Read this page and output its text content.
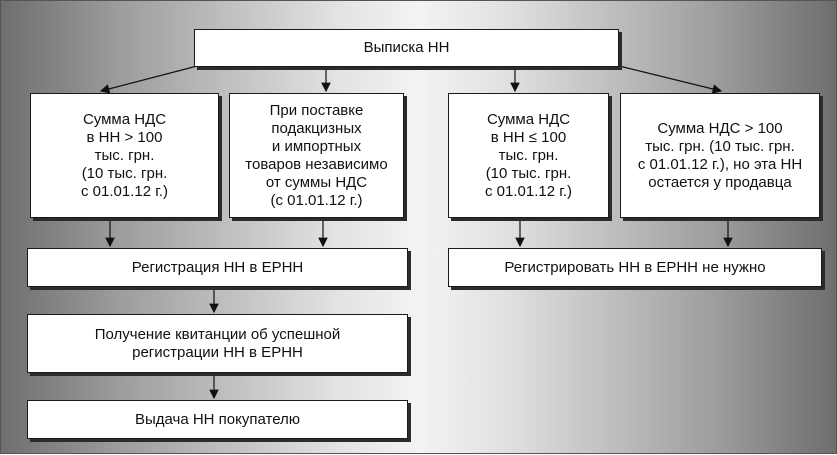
Выписка НН
Сумма НДС
в НН > 100
тыс. грн.
(10 тыс. грн.
с 01.01.12 г.)
При поставке
подакцизных
и импортных
товаров независимо
от суммы НДС
(с 01.01.12 г.)
Сумма НДС
в НН ≤ 100
тыс. грн.
(10 тыс. грн.
с 01.01.12 г.)
Сумма НДС > 100
тыс. грн. (10 тыс. грн.
с 01.01.12 г.), но эта НН
остается у продавца
Регистрация НН в ЕРНН	Регистрировать НН в ЕРНН не нужно
Получение квитанции об успешной
регистрации НН в ЕРНН
Выдача НН покупателю
